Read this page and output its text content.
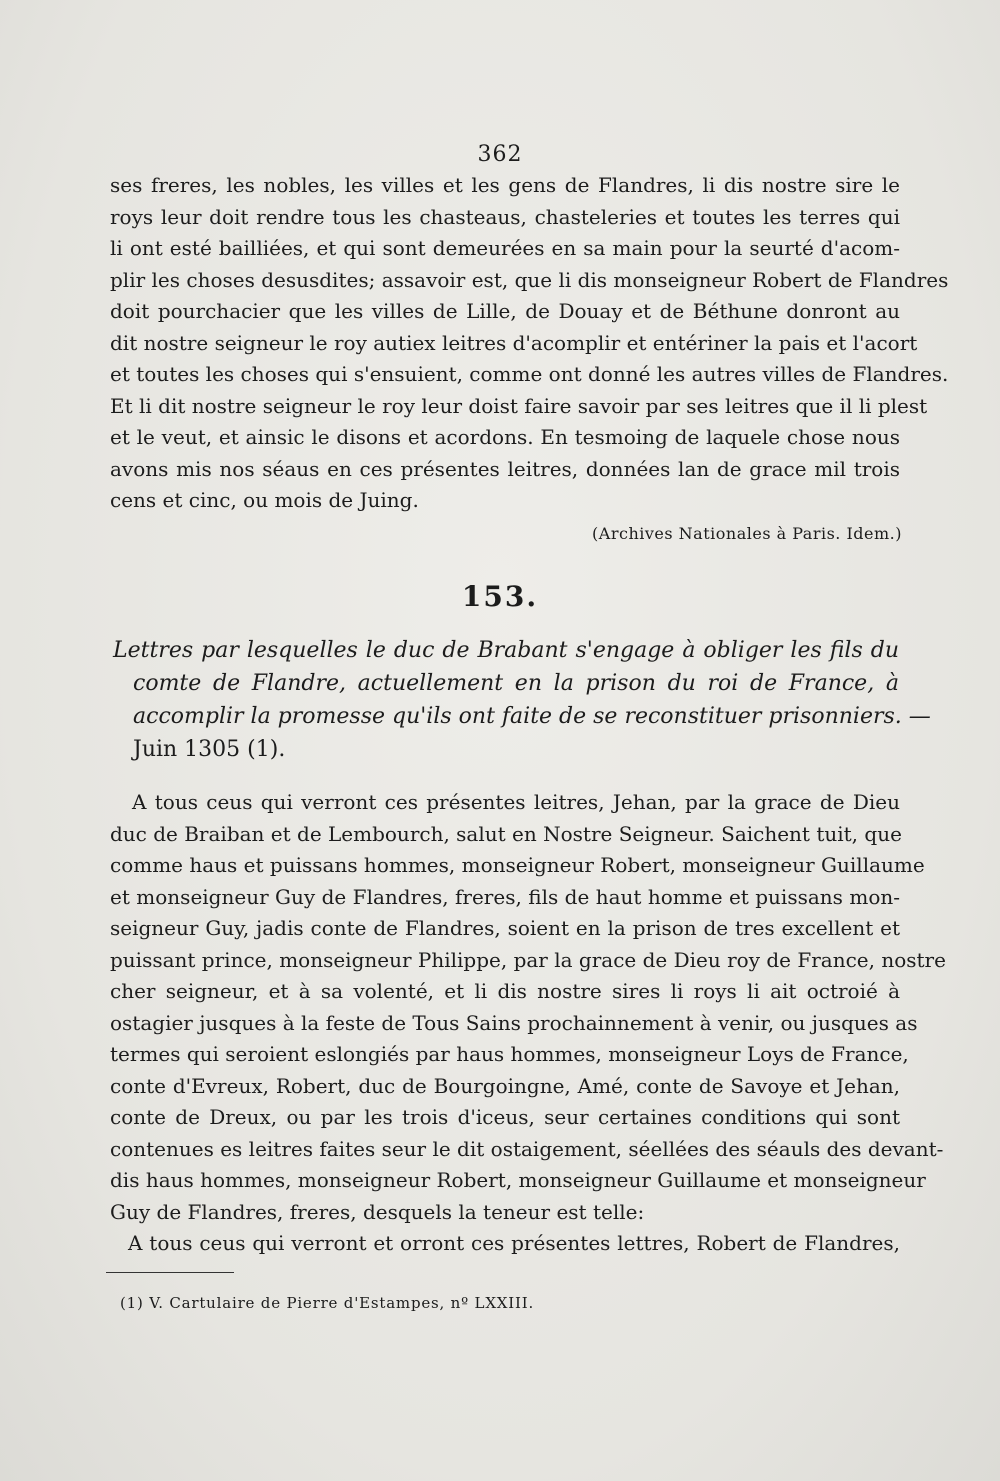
362
ses freres, les nobles, les villes et les gens de Flandres, li dis nostre sire le
roys leur doit rendre tous les chasteaus, chasteleries et toutes les terres qui
li ont esté bailliées, et qui sont demeurées en sa main pour la seurté d'acom-
plir les choses desusdites; assavoir est, que li dis monseigneur Robert de Flandres
doit pourchacier que les villes de Lille, de Douay et de Béthune donront au
dit nostre seigneur le roy autiex leitres d'acomplir et entériner la pais et l'acort
et toutes les choses qui s'ensuient, comme ont donné les autres villes de Flandres.
Et li dit nostre seigneur le roy leur doist faire savoir par ses leitres que il li plest
et le veut, et ainsic le disons et acordons. En tesmoing de laquele chose nous
avons mis nos séaus en ces présentes leitres, données lan de grace mil trois
cens et cinc, ou mois de Juing.
(Archives Nationales à Paris. Idem.)
153.
Lettres par lesquelles le duc de Brabant s'engage à obliger les fils du
comte de Flandre, actuellement en la prison du roi de France, à
accomplir la promesse qu'ils ont faite de se reconstituer prisonniers. —
Juin 1305 (1).
A tous ceus qui verront ces présentes leitres, Jehan, par la grace de Dieu
duc de Braiban et de Lembourch, salut en Nostre Seigneur. Saichent tuit, que
comme haus et puissans hommes, monseigneur Robert, monseigneur Guillaume
et monseigneur Guy de Flandres, freres, fils de haut homme et puissans mon-
seigneur Guy, jadis conte de Flandres, soient en la prison de tres excellent et
puissant prince, monseigneur Philippe, par la grace de Dieu roy de France, nostre
cher seigneur, et à sa volenté, et li dis nostre sires li roys li ait octroié à
ostagier jusques à la feste de Tous Sains prochainnement à venir, ou jusques as
termes qui seroient eslongiés par haus hommes, monseigneur Loys de France,
conte d'Evreux, Robert, duc de Bourgoingne, Amé, conte de Savoye et Jehan,
conte de Dreux, ou par les trois d'iceus, seur certaines conditions qui sont
contenues es leitres faites seur le dit ostaigement, séellées des séauls des devant-
dis haus hommes, monseigneur Robert, monseigneur Guillaume et monseigneur
Guy de Flandres, freres, desquels la teneur est telle:
A tous ceus qui verront et orront ces présentes lettres, Robert de Flandres,
(1) V. Cartulaire de Pierre d'Estampes, nº LXXIII.
